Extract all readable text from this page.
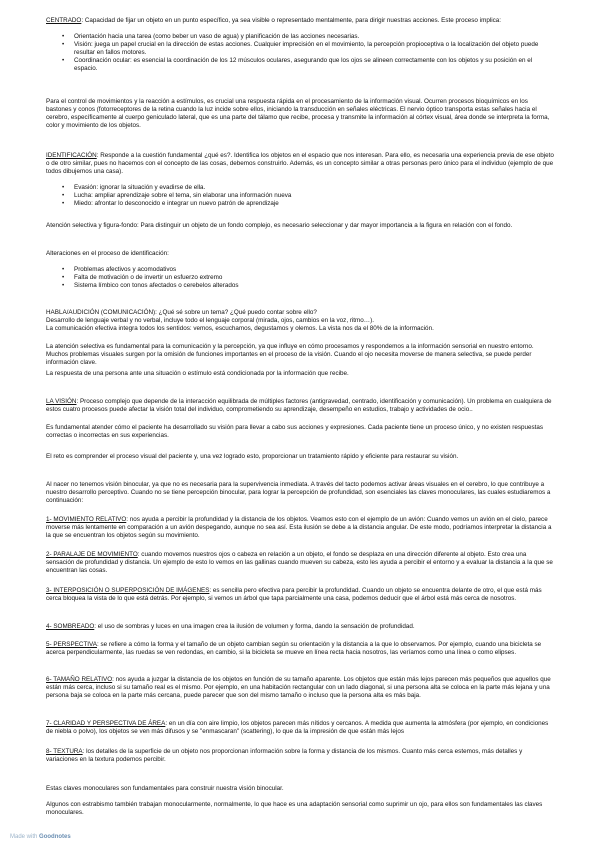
CENTRADO: Capacidad de fijar un objeto en un punto específico, ya sea visible o representado mentalmente, para dirigir nuestras acciones. Este proceso implica:

• Orientación hacia una tarea (como beber un vaso de agua) y planificación de las acciones necesarias.
• Visión: juega un papel crucial en la dirección de estas acciones. Cualquier imprecisión en el movimiento, la percepción propioceptiva o la localización del objeto puede resultar en fallos motores.
• Coordinación ocular: es esencial la coordinación de los 12 músculos oculares, asegurando que los ojos se alineen correctamente con los objetos y su posición en el espacio.

Para el control de movimientos y la reacción a estímulos, es crucial una respuesta rápida en el procesamiento de la información visual. Ocurren procesos bioquímicos en los bastones y conos (fotorreceptores de la retina cuando la luz incide sobre ellos, iniciando la transducción en señales eléctricas. El nervio óptico transporta estas señales hacia el cerebro, específicamente al cuerpo geniculado lateral, que es una parte del tálamo que recibe, procesa y transmite la información al córtex visual, área donde se interpreta la forma, color y movimiento de los objetos.

IDENTIFICACIÓN: Responde a la cuestión fundamental ¿qué es?. Identifica los objetos en el espacio que nos interesan. Para ello, es necesaria una experiencia previa de ese objeto o de otro similar, pues no hacemos con el concepto de las cosas, debemos construirlo. Además, es un concepto similar a otras personas pero único para el individuo (ejemplo de que todos dibujemos una casa).

• Evasión: ignorar la situación y evadirse de ella.
• Lucha: ampliar aprendizaje sobre el tema, sin elaborar una información nueva
• Miedo: afrontar lo desconocido e integrar un nuevo patrón de aprendizaje

Atención selectiva y figura-fondo: Para distinguir un objeto de un fondo complejo, es necesario seleccionar y dar mayor importancia a la figura en relación con el fondo.

Alteraciones en el proceso de identificación:

• Problemas afectivos y acomodativos
• Falta de motivación o de invertir un esfuerzo extremo
• Sistema límbico con tonos afectados o cerebelos alterados

HABLA/AUDICIÓN (COMUNICACIÓN): ¿Qué sé sobre un tema? ¿Qué puedo contar sobre ello?

Desarrollo de lenguaje verbal y no verbal, incluye todo el lenguaje corporal (mirada, ojos, cambios en la voz, ritmo…).

La comunicación efectiva integra todos los sentidos: vemos, escuchamos, degustamos y olemos. La vista nos da el 80% de la información.

La atención selectiva es fundamental para la comunicación y la percepción, ya que influye en cómo procesamos y respondemos a la información sensorial en nuestro entorno. Muchos problemas visuales surgen por la omisión de funciones importantes en el proceso de la visión. Cuando el ojo necesita moverse de manera selectiva, se puede perder información clave.

La respuesta de una persona ante una situación o estímulo está condicionada por la información que recibe.

LA VISIÓN: Proceso complejo que depende de la interacción equilibrada de múltiples factores (antigravedad, centrado, identificación y comunicación). Un problema en cualquiera de estos cuatro procesos puede afectar la visión total del individuo, comprometiendo su aprendizaje, desempeño en estudios, trabajo y actividades de ocio..

Es fundamental atender cómo el paciente ha desarrollado su visión para llevar a cabo sus acciones y expresiones. Cada paciente tiene un proceso único, y no existen respuestas correctas o incorrectas en sus experiencias.

El reto es comprender el proceso visual del paciente y, una vez logrado esto, proporcionar un tratamiento rápido y eficiente para restaurar su visión.

Al nacer no tenemos visión binocular, ya que no es necesaria para la supervivencia inmediata. A través del tacto podemos activar áreas visuales en el cerebro, lo que contribuye a nuestro desarrollo perceptivo. Cuando no se tiene percepción binocular, para lograr la percepción de profundidad, son esenciales las claves monoculares, las cuales estudiaremos a continuación:

1- MOVIMIENTO RELATIVO: nos ayuda a percibir la profundidad y la distancia de los objetos. Veamos esto con el ejemplo de un avión: Cuando vemos un avión en el cielo, parece moverse más lentamente en comparación a un avión despegando, aunque no sea así. Esta ilusión se debe a la distancia angular. De este modo, podríamos interpretar la distancia a la que se encuentran los objetos según su movimiento.

2- PARALAJE DE MOVIMIENTO: cuando movemos nuestros ojos o cabeza en relación a un objeto, el fondo se desplaza en una dirección diferente al objeto. Esto crea una sensación de profundidad y distancia. Un ejemplo de esto lo vemos en las gallinas cuando mueven su cabeza, esto les ayuda a percibir el entorno y a evaluar la distancia a la que se encuentran las cosas.

3- INTERPOSICIÓN O SUPERPOSICIÓN DE IMÁGENES: es sencilla pero efectiva para percibir la profundidad. Cuando un objeto se encuentra delante de otro, el que está más cerca bloquea la vista de lo que está detrás. Por ejemplo, si vemos un árbol que tapa parcialmente una casa, podemos deducir que el árbol está más cerca de nosotros.

4- SOMBREADO: el uso de sombras y luces en una imagen crea la ilusión de volumen y forma, dando la sensación de profundidad.

5- PERSPECTIVA: se refiere a cómo la forma y el tamaño de un objeto cambian según su orientación y la distancia a la que lo observamos. Por ejemplo, cuando una bicicleta se acerca perpendicularmente, las ruedas se ven redondas, en cambio, si la bicicleta se mueve en línea recta hacia nosotros, las veríamos como una línea o como elipses.

6- TAMAÑO RELATIVO: nos ayuda a juzgar la distancia de los objetos en función de su tamaño aparente. Los objetos que están más lejos parecen más pequeños que aquellos que están más cerca, incluso si su tamaño real es el mismo. Por ejemplo, en una habitación rectangular con un lado diagonal, si una persona alta se coloca en la parte más lejana y una persona baja se coloca en la parte más cercana, puede parecer que son del mismo tamaño o incluso que la persona alta es más baja.

7- CLARIDAD Y PERSPECTIVA DE ÁREA: en un día con aire limpio, los objetos parecen más nítidos y cercanos. A medida que aumenta la atmósfera (por ejemplo, en condiciones de niebla o polvo), los objetos se ven más difusos y se "enmascaran" (scattering), lo que da la impresión de que están más lejos

8- TEXTURA: los detalles de la superficie de un objeto nos proporcionan información sobre la forma y distancia de los mismos. Cuanto más cerca estemos, más detalles y variaciones en la textura podemos percibir.

Estas claves monoculares son fundamentales para construir nuestra visión binocular.

Algunos con estrabismo también trabajan monocularmente, normalmente, lo que hace es una adaptación sensorial como suprimir un ojo, para ellos son fundamentales las claves monoculares.

Made with Goodnotes
